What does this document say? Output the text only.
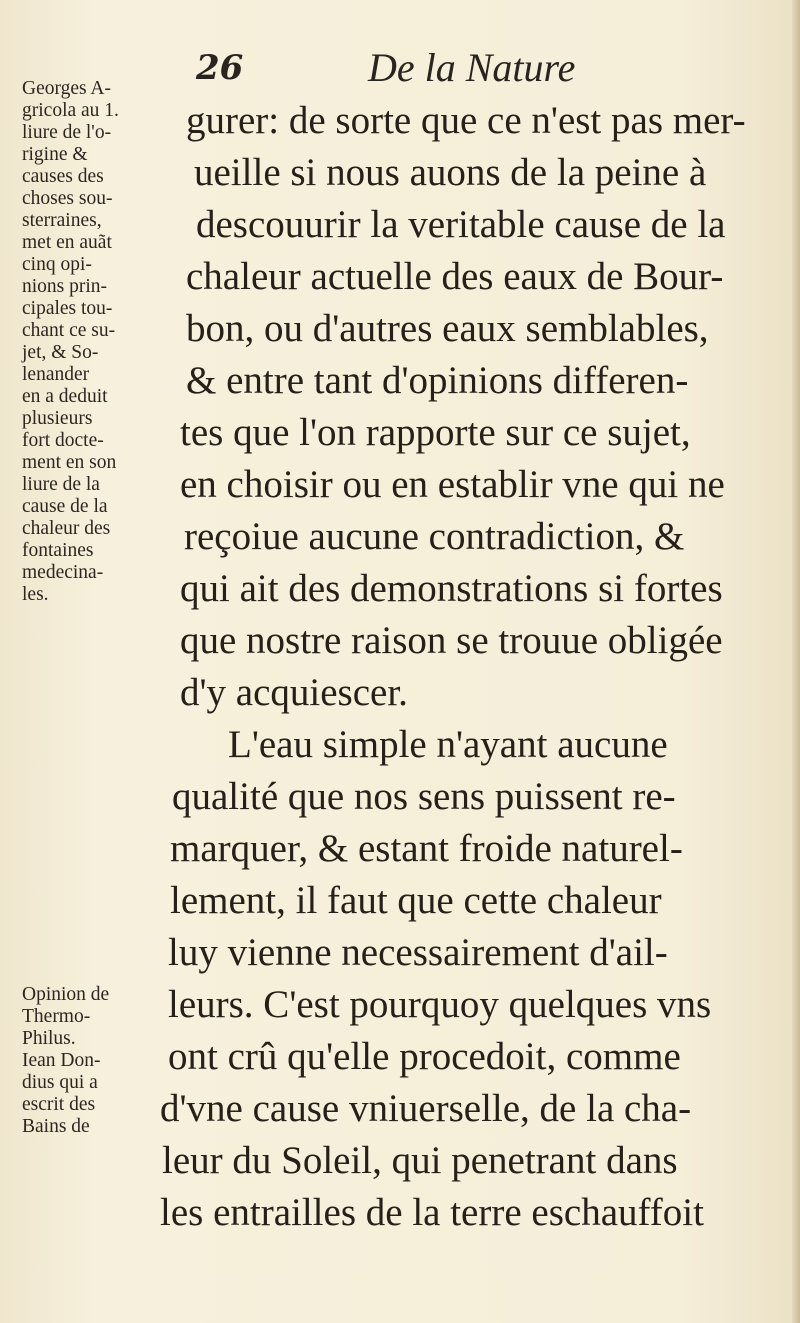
26	De la Nature
Georges A-
gricola au 1.
liure de l'o-
rigine &
causes des
choses sou-
sterraines,
met en auãt
cinq opi-
nions prin-
cipales tou-
chant ce su-
jet, & So-
lenander
en a deduit
plusieurs
fort docte-
ment en son
liure de la
cause de la
chaleur des
fontaines
medecina-
les.
Opinion de
Thermo-
Philus.
Iean Don-
dius qui a
escrit des
Bains de
gurer: de sorte que ce n'est pas mer-
ueille si nous auons de la peine à
descouurir la veritable cause de la
chaleur actuelle des eaux de Bour-
bon, ou d'autres eaux semblables,
& entre tant d'opinions differen-
tes que l'on rapporte sur ce sujet,
en choisir ou en establir vne qui ne
reçoiue aucune contradiction, &
qui ait des demonstrations si fortes
que nostre raison se trouue obligée
d'y acquiescer.
L'eau simple n'ayant aucune
qualité que nos sens puissent re-
marquer, & estant froide naturel-
lement, il faut que cette chaleur
luy vienne necessairement d'ail-
leurs. C'est pourquoy quelques vns
ont crû qu'elle procedoit, comme
d'vne cause vniuerselle, de la cha-
leur du Soleil, qui penetrant dans
les entrailles de la terre eschauffoit
